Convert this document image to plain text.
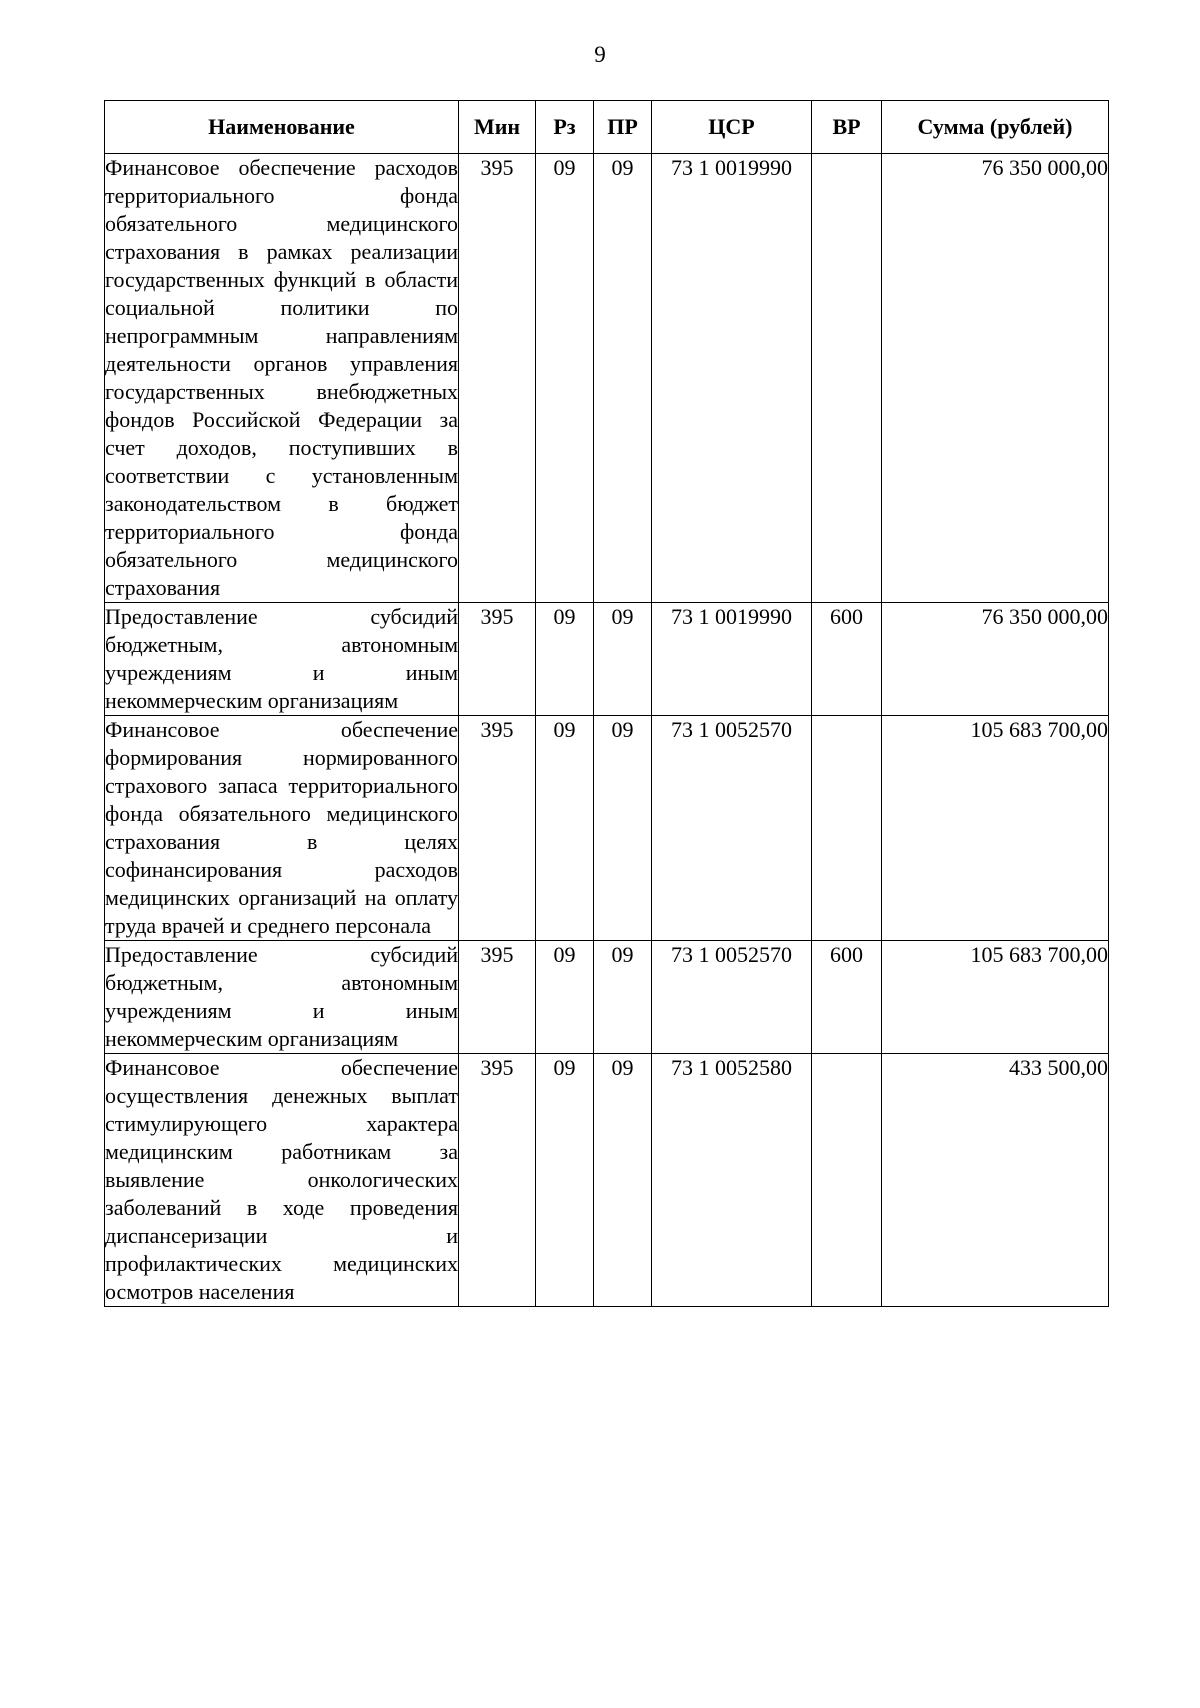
9
Наименование	Мин	Рз	ПР	ЦСР	ВР	Сумма (рублей)
Финансовое обеспечение расходов территориального фонда обязательного медицинского страхования в рамках реализации государственных функций в области социальной политики по непрограммным направлениям деятельности органов управления государственных внебюджетных фондов Российской Федерации за счет доходов, поступивших в соответствии с установленным законодательством в бюджет территориального фонда обязательного медицинского страхования	395	09	09	73 1 0019990		76 350 000,00
Предоставление субсидий бюджетным, автономным учреждениям и иным некоммерческим организациям	395	09	09	73 1 0019990	600	76 350 000,00
Финансовое обеспечение формирования нормированного страхового запаса территориального фонда обязательного медицинского страхования в целях софинансирования расходов медицинских организаций на оплату труда врачей и среднего персонала	395	09	09	73 1 0052570		105 683 700,00
Предоставление субсидий бюджетным, автономным учреждениям и иным некоммерческим организациям	395	09	09	73 1 0052570	600	105 683 700,00
Финансовое обеспечение осуществления денежных выплат стимулирующего характера медицинским работникам за выявление онкологических заболеваний в ходе проведения диспансеризации и профилактических медицинских осмотров населения	395	09	09	73 1 0052580		433 500,00
